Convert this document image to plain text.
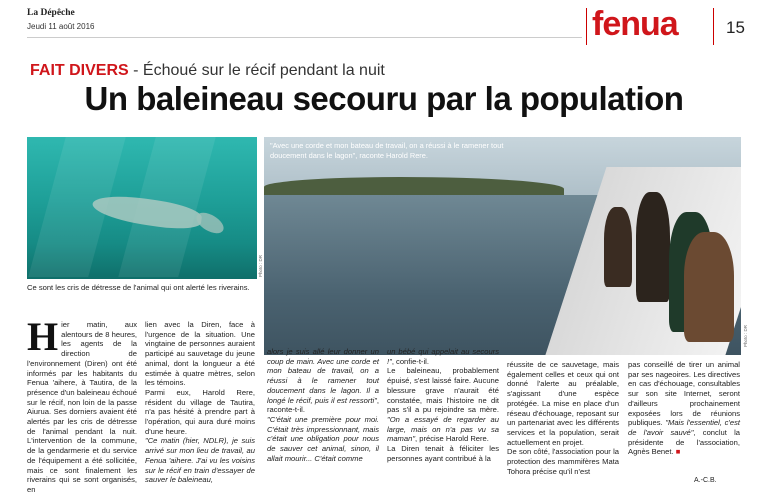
La Dépêche
Jeudi 11 août 2016	fenua	15
FAIT DIVERS - Échoué sur le récif pendant la nuit
Un baleineau secouru par la population
Photo : DR
Ce sont les cris de détresse de l'animal qui ont alerté les riverains.
"Avec une corde et mon bateau de travail, on a réussi à le ramener tout doucement dans le lagon", raconte Harold Rere.
Photo : DR
Hier matin, aux alentours de 8 heures, les agents de la direction de l'environnement (Diren) ont été informés par les habitants du Fenua 'aihere, à Tautira, de la présence d'un baleineau échoué sur le récif, non loin de la passe Aiurua. Ses dorniers avaient été alertés par les cris de détresse de l'animal pendant la nuit. L'intervention de la commune, de la gendarmerie et du service de l'équipement a été sollicitée, mais ce sont finalement les riverains qui se sont organisés, en

lien avec la Diren, face à l'urgence de la situation. Une vingtaine de personnes auraient participé au sauvetage du jeune animal, dont la longueur a été estimée à quatre mètres, selon les témoins.

Parmi eux, Harold Rere, résident du village de Tautira, n'a pas hésité à prendre part à l'opération, qui aura duré moins d'une heure.

"Ce matin (hier, NDLR), je suis arrivé sur mon lieu de travail, au Fenua 'aihere. J'ai vu les voisins sur le récif en train d'essayer de sauver le baleineau,

alors je suis allé leur donner un coup de main. Avec une corde et mon bateau de travail, on a réussi à le ramener tout doucement dans le lagon. Il a longé le récif, puis il est ressorti", raconte-t-il.

"C'était une première pour moi. C'était très impressionnant, mais c'était une obligation pour nous de sauver cet animal, sinon, il allait mourir... C'était comme

un bébé qui appelait au secours !", confie-t-il.

Le baleineau, probablement épuisé, s'est laissé faire. Aucune blessure grave n'aurait été constatée, mais l'histoire ne dit pas s'il a pu rejoindre sa mère. "On a essayé de regarder au large, mais on n'a pas vu sa maman", précise Harold Rere.

La Diren tenait à féliciter les personnes ayant contribué à la

réussite de ce sauvetage, mais également celles et ceux qui ont donné l'alerte au préalable, s'agissant d'une espèce protégée. La mise en place d'un réseau d'échouage, reposant sur un partenariat avec les différents services et la population, serait actuellement en projet.

De son côté, l'association pour la protection des mammifères Mata Tohora précise qu'il n'est

pas conseillé de tirer un animal par ses nageoires. Les directives en cas d'échouage, consultables sur son site Internet, seront d'ailleurs prochainement exposées lors de réunions publiques. "Mais l'essentiel, c'est de l'avoir sauvé", conclut la présidente de l'association, Agnès Benet. ■

A.-C.B.
